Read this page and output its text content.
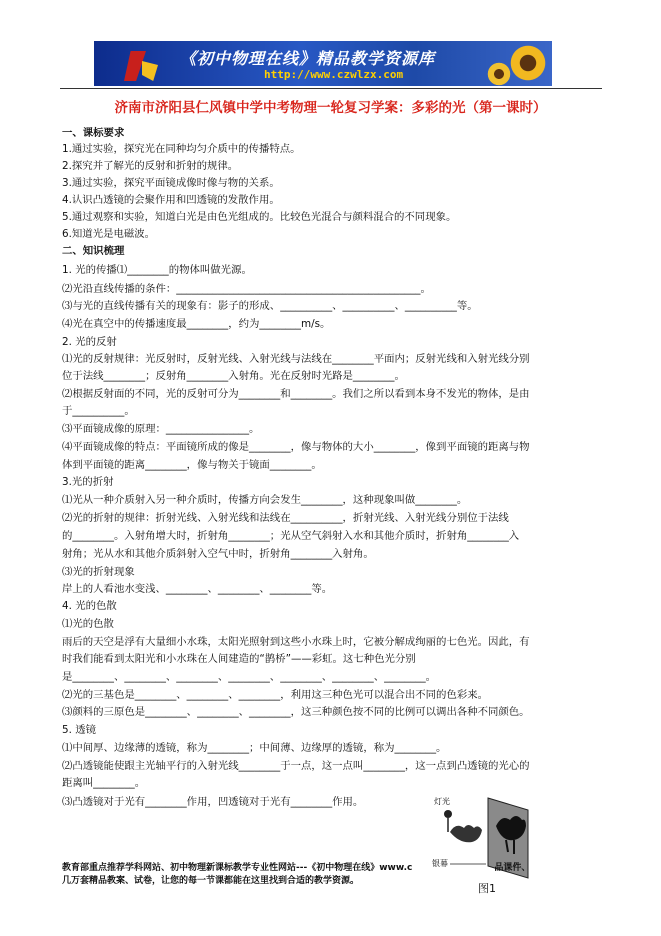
《初中物理在线》精品教学资源库
http://www.czwlzx.com
济南市济阳县仁风镇中学中考物理一轮复习学案：多彩的光（第一课时）
一、课标要求
1.通过实验，探究光在同种均匀介质中的传播特点。
2.探究并了解光的反射和折射的规律。
3.通过实验，探究平面镜成像时像与物的关系。
4.认识凸透镜的会聚作用和凹透镜的发散作用。
5.通过观察和实验，知道白光是由色光组成的。比较色光混合与颜料混合的不同现象。
6.知道光是电磁波。
二、知识梳理
1. 光的传播⑴________的物体叫做光源。
⑵光沿直线传播的条件：_______________________________________________。
⑶与光的直线传播有关的现象有：影子的形成、__________、__________、__________等。
⑷光在真空中的传播速度最________，约为________m/s。
2. 光的反射
⑴光的反射规律：光反射时，反射光线、入射光线与法线在________平面内；反射光线和入射光线分别
位于法线________；反射角________入射角。光在反射时光路是________。
⑵根据反射面的不同，光的反射可分为________和________。我们之所以看到本身不发光的物体，是由
于__________。
⑶平面镜成像的原理：________________。
⑷平面镜成像的特点：平面镜所成的像是________，像与物体的大小________，像到平面镜的距离与物
体到平面镜的距离________，像与物关于镜面________。
3.光的折射
⑴光从一种介质射入另一种介质时，传播方向会发生________，这种现象叫做________。
⑵光的折射的规律：折射光线、入射光线和法线在__________，折射光线、入射光线分别位于法线
的________。入射角增大时，折射角________；光从空气斜射入水和其他介质时，折射角________入
射角；光从水和其他介质斜射入空气中时，折射角________入射角。
⑶光的折射现象
岸上的人看池水变浅、________、________、________等。
4. 光的色散
⑴光的色散
雨后的天空是浮有大量细小水珠，太阳光照射到这些小水珠上时，它被分解成绚丽的七色光。因此，有
时我们能看到太阳光和小水珠在人间建造的“鹊桥”——彩虹。这七种色光分别
是________、________、________、________、________、________、________。
⑵光的三基色是________、________、________，利用这三种色光可以混合出不同的色彩来。
⑶颜料的三原色是________、________、________，这三种颜色按不同的比例可以调出各种不同颜色。
5. 透镜
⑴中间厚、边缘薄的透镜，称为________；中间薄、边缘厚的透镜，称为________。
⑵凸透镜能使跟主光轴平行的入射光线________于一点，这一点叫________，这一点到凸透镜的光心的
距离叫________。
⑶凸透镜对于光有________作用，凹透镜对于光有________作用。	灯光
银幕
图1
教育部重点推荐学科网站、初中物理新课标教学专业性网站---《初中物理在线》www.c	品课件、
几万套精品教案、试卷，让您的每一节课都能在这里找到合适的教学资源。
